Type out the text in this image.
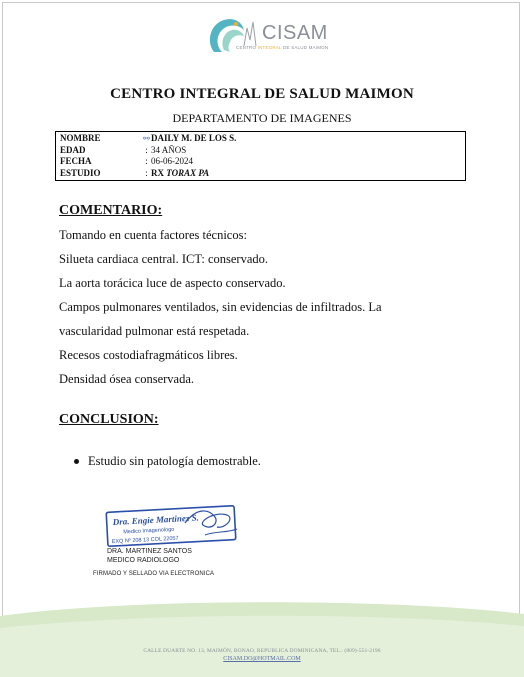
CISAM
CENTRO INTEGRAL DE SALUD MAIMON
CENTRO INTEGRAL DE SALUD MAIMON
DEPARTAMENTO DE IMAGENES
NOMBRE	⚯ DAILY M. DE LOS S.
EDAD	: 34 AÑOS
FECHA	: 06-06-2024
ESTUDIO	: RX TORAX PA
COMENTARIO:

Tomando en cuenta factores técnicos:

Silueta cardiaca central. ICT: conservado.

La aorta torácica luce de aspecto conservado.

Campos pulmonares ventilados, sin evidencias de infiltrados. La

vascularidad pulmonar está respetada.

Recesos costodiafragmáticos libres.

Densidad ósea conservada.

CONCLUSION:
Estudio sin patología demostrable.
Dra. Engie Martinez S.
Medico Imagenologo
EXQ Nº 208 13 COL 22057
DRA. MARTINEZ SANTOS
MEDICO RADIOLOGO
FIRMADO Y SELLADO VIA ELECTRONICA
CALLE DUARTE NO. 13, MAIMÓN, BONAO, REPUBLICA DOMINICANA, TEL.: (809)-551-2196
CISAM.DO@HOTMAIL.COM
